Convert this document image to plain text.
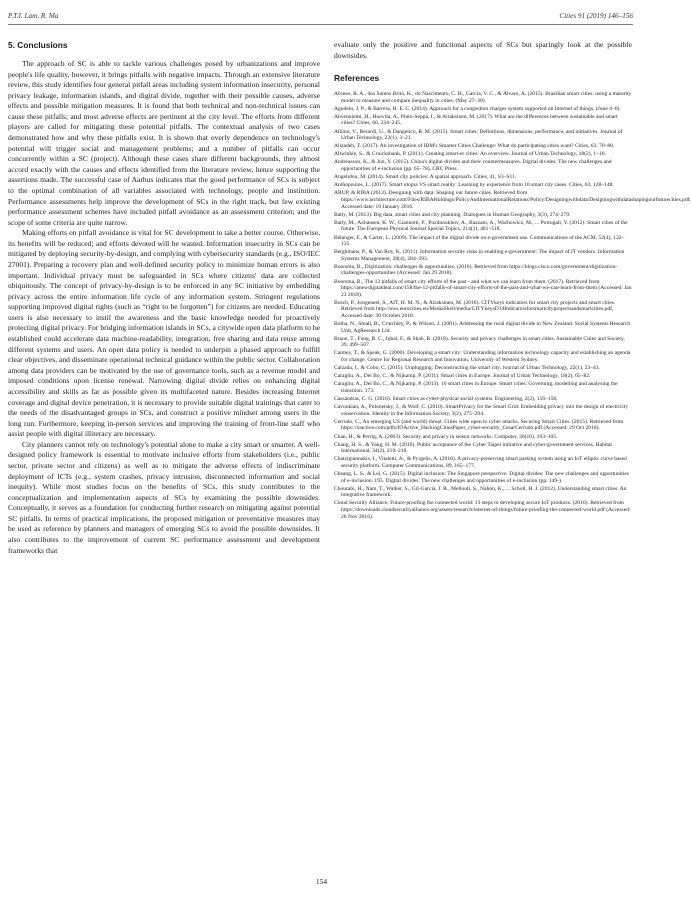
P.T.I. Lam, R. Ma	Cities 91 (2019) 146–156
5. Conclusions

The approach of SC is able to tackle various challenges posed by urbanizations and improve people's life quality, however, it brings pitfalls with negative impacts. Through an extensive literature review, this study identifies four general pitfall areas including system information insecurity, personal privacy leakage, information islands, and digital divide, together with their possible causes, adverse effects and possible mitigation measures. It is found that both technical and non-technical issues can cause these pitfalls; and most adverse effects are pertinent at the city level. The efforts from different players are called for mitigating these potential pitfalls. The contextual analysis of two cases demonstrated how and why these pitfalls exist. It is shown that overly dependence on technology's potential will trigger social and management problems; and a number of pitfalls can occur concurrently within a SC (project). Although these cases share different backgrounds, they almost accord exactly with the causes and effects identified from the literature review, hence supporting the assertions made. The successful case of Aarhus indicates that the good performance of SCs is subject to the optimal combination of all variables associated with technology, people and institution. Performance assessments help improve the development of SCs in the right track, but few existing performance assessment schemes have included pitfall avoidance as an assessment criterion; and the scope of some criteria are quite narrow.

Making efforts on pitfall avoidance is vital for SC development to take a better course. Otherwise, its benefits will be reduced; and efforts devoted will be wasted. Information insecurity in SCs can be mitigated by deploying security-by-design, and complying with cybersecurity standards (e.g., ISO/IEC 27001). Preparing a recovery plan and well-defined security policy to minimize human errors is also important. Individual privacy must be safeguarded in SCs where citizens' data are collected ubiquitously. The concept of privacy-by-design is to be enforced in any SC initiative by embedding privacy across the entire information life cycle of any information system. Stringent regulations supporting improved digital rights (such as “right to be forgotten”) for citizens are needed. Educating users is also necessary to instil the awareness and the basic knowledge needed for proactively protecting digital privacy. For bridging information islands in SCs, a citywide open data platform to be established could accelerate data machine-readability, integration, free sharing and data reuse among different systems and users. An open data policy is needed to underpin a phased approach to fulfill clear objectives, and disseminate operational technical guidance within the public sector. Collaboration among data providers can be motivated by the use of governance tools, such as a revenue model and imposed conditions upon license renewal. Narrowing digital divide relies on enhancing digital accessibility and skills as far as possible given its multifaceted nature. Besides increasing Internet coverage and digital device penetration, it is necessary to provide suitable digital trainings that cater to the needs of the disadvantaged groups in SCs, and construct a positive mindset among users in the long run. Furthermore, keeping in-person services and improving the training of front-line staff who assist people with digital illiteracy are necessary.

City planners cannot rely on technology's potential alone to make a city smart or smarter. A well-designed policy framework is essential to motivate inclusive efforts from stakeholders (i.e., public sector, private sector and citizens) as well as to mitigate the adverse effects of indiscriminate deployment of ICTs (e.g., system crashes, privacy intrusion, disconnected information and social inequity). While most studies focus on the benefits of SCs, this study contributes to the conceptualization and implementation aspects of SCs by examining the possible downsides. Conceptually, it serves as a foundation for conducting further research on mitigating against potential SC pitfalls. In terms of practical implications, the proposed mitigation or preventative measures may be used as reference by planners and managers of emerging SCs to avoid the possible downsides. It also contributes to the improvement of current SC performance assessment and development frameworks that

evaluate only the positive and functional aspects of SCs but sparingly look at the possible downsides.

References
Afonso, R. A., dos Santos Brito, K., do Nascimento, C. H., Garcia, V. C., & Álvaro, A. (2015). Brazilian smart cities: using a maturity model to measure and compare inequality in cities. (May 27–30).
Agudelo, J. P., & Barrera, H. E. C. (2014). Approach for a congestion charges system supported on Internet of things. (June 4–6).
Ahvenniemi, H., Huovila, A., Pinto-Seppä, I., & Airaksinen, M. (2017). What are the differences between sustainable and smart cities? Cities, 60, 234–245.
Albino, V., Berardi, U., & Dangelico, R. M. (2015). Smart cities: Definitions, dimensions, performance, and initiatives. Journal of Urban Technology, 22(1), 3–21.
Alizadeh, T. (2017). An investigation of IBM's Smarter Cities Challenge: What do participating cities want? Cities, 63, 70–80.
Allwinkle, S., & Cruickshank, P. (2011). Creating smart-er cities: An overview. Journal of Urban Technology, 18(2), 1–16.
Andreasson, K., & Jun, Y. (2015). China's digital divides and their countermeasures. Digital divides: The new challenges and opportunities of e-inclusion (pp. 65–78). CRC Press.
Angelidou, M. (2014). Smart city policies: A spatial approach. Cities, 41, S3–S11.
Anthopoulos, L. (2017). Smart utopia VS smart reality: Learning by experience from 10 smart city cases. Cities, 63, 128–148.
ARUP, & RIBA (2013). Designing with data: Shaping our future cities. Retrieved from https://www.architecture.com/Files/RIBAHoldings/PolicyAndInternationalRelations/Policy/Designingwithdata/Designingwithdatashapingourfuturecities.pdf, Accessed date: 19 January 2016.
Batty, M. (2013). Big data, smart cities and city planning. Dialogues in Human Geography, 3(3), 274–279.
Batty, M., Axhausen, K. W., Giannotti, F., Pozdnoukhov, A., Bazzani, A., Wachowicz, M., ... Portugali, Y. (2012). Smart cities of the future. The European Physical Journal Special Topics, 214(1), 481–518.
Bélanger, F., & Carter, L. (2009). The impact of the digital divide on e-government use. Communications of the ACM, 52(4), 132–135.
Berghmans, P., & Van Roy, K. (2011). Information security risks in enabling e-government: The impact of IT vendors. Information Systems Management, 28(4), 284–293.
Boorsma, B., Digitization: challenges & opportunities. (2016). Retrieved from https://blogs.cisco.com/government/digitization-challenges-opportunities (Accessed: Jan 29 2018).
Boorsma, B., The 12 pitfalls of smart city efforts of the past - and what we can learn from them. (2017). Retrieved from https://anewdigitaldeal.com/158/the-12-pitfalls-of-smart-city-efforts-of-the-past-and-what-we-can-learn-from-them (Accessed: Jan 23 2018).
Bosch, P., Jongeneel, S., AIT, H. M. N., & Airaksinen, M. (2016). CITYkeys indicators for smart city projects and smart cities. Retrieved from http://nws.eurocities.eu/MediaShell/media/CITYkeysD14Indicatorsforsmartcityprojectsandsmartcities.pdf, Accessed date: 30 October 2018.
Botha, N., Small, B., Crutchley, P., & Wilson, J. (2001). Addressing the rural digital divide in New Zealand. Social Systems Research Unit, AgResearch Ltd.
Braun, T., Fung, B. C., Iqbal, F., & Shah, B. (2018). Security and privacy challenges in smart cities. Sustainable Cities and Society, 39, 499–507.
Caimey, T., & Speak, G. (2000). Developing a smart city: Understanding information technology capacity and establishing an agenda for change. Centre for Regional Research and Innovation, University of Western Sydney.
Calzada, I., & Cobo, C. (2015). Unplugging: Deconstructing the smart city. Journal of Urban Technology, 22(1), 23–43.
Caragliu, A., Del Bo, C., & Nijkamp, P. (2011). Smart cities in Europe. Journal of Urban Technology, 18(2), 65–82.
Caragliu, A., Del Bo, C., & Nijkamp, P. (2013). 10 smart cities in Europe. Smart cities: Governing, modelling and analysing the transition. 173.
Cassandras, C. G. (2016). Smart cities as cyber-physical social systems. Engineering, 2(2), 156–158.
Cavoukian, A., Polonetsky, J., & Wolf, C. (2010). SmartPrivacy for the Smart Grid: Embedding privacy into the design of electricity conservation. Identity in the Information Society, 3(2), 275–294.
Cerrudo, C., An emerging US (and world) threat: Cities wide open to cyber attacks. Securing Smart Cities. (2015). Retrieved from https://ioactive.com/pdfs/IOActive_HackingCitiesPaper_cyber-security_CesarCerrudo.pdf (Accessed: 29 Oct 2018).
Chan, H., & Perrig, A. (2003). Security and privacy in sensor networks. Computer, 36(10), 103–105.
Chang, H. S., & Yang, H. M. (2010). Public acceptance of the Cyber Taipei initiative and cyber-government services. Habitat International, 34(2), 210–218.
Chatzigiannakis, I., Vitaletti, A., & Pyrgelis, A. (2016). A privacy-preserving smart parking system using an IoT elliptic curve based security platform. Computer Communications, 89, 165–177.
Cheang, L. S., & Lei, G. (2015). Digital inclusion: The Singapore perspective. Digital divides: The new challenges and opportunities of e-inclusion. 195. Digital divides: The new challenges and opportunities of e-inclusion (pp. 149-).
Chourabi, H., Nam, T., Walker, S., Gil-Garcia, J. R., Mellouli, S., Nahon, K., ... Scholl, H. J. (2012). Understanding smart cities: An integrative framework.
Cloud Security Alliance. Future-proofing the connected world: 13 steps to developing secure IoT products. (2016). Retrieved from https://downloads.cloudsecurityalliance.org/assets/research/internet-of-things/future-proofing-the-connected-world.pdf (Accessed: 26 Nov 2016).
154
